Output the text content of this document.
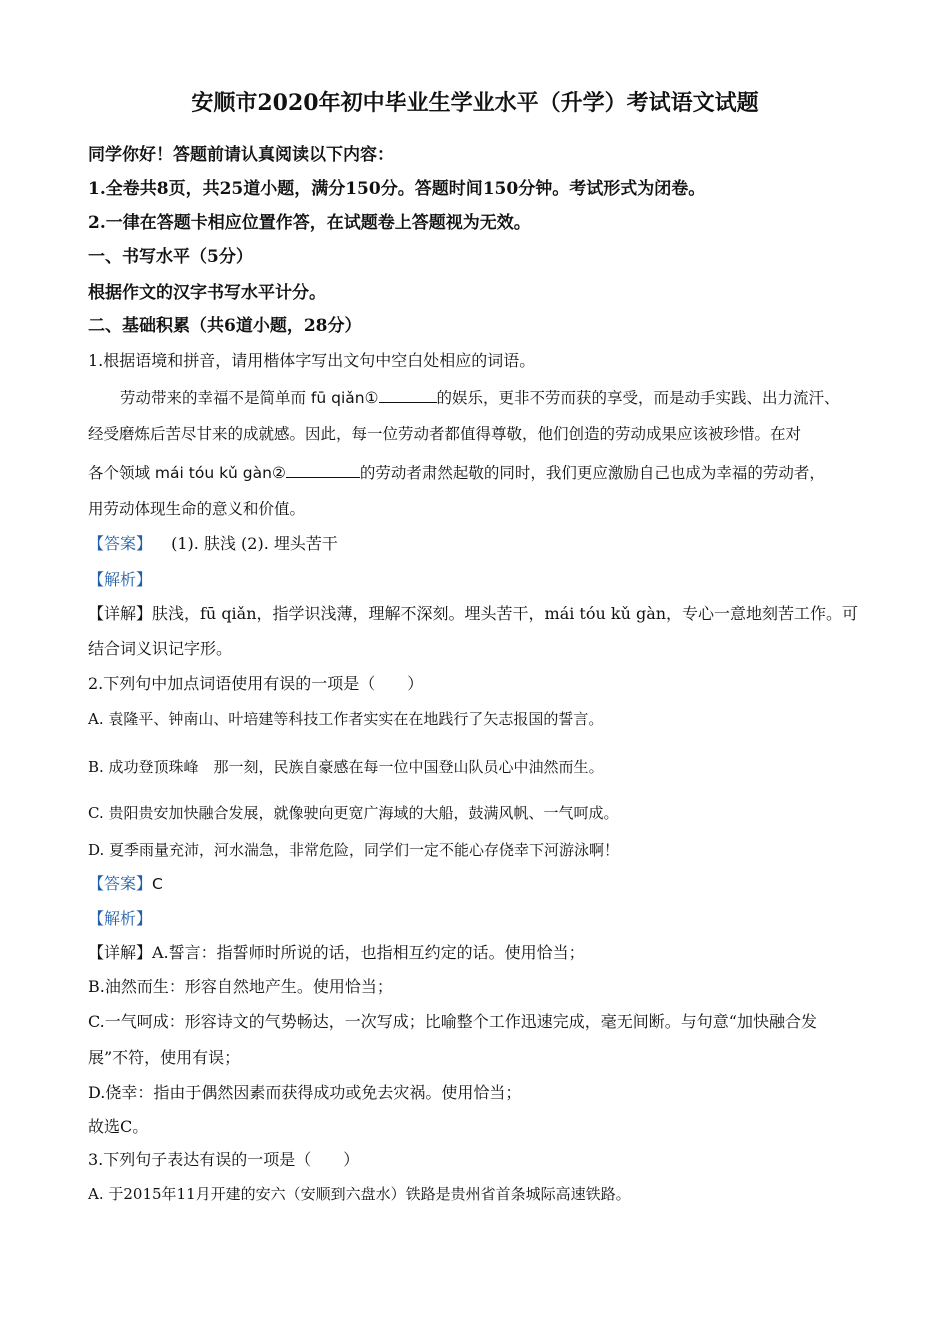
安顺市2020年初中毕业生学业水平（升学）考试语文试题
同学你好！答题前请认真阅读以下内容：
1.全卷共8页，共25道小题，满分150分。答题时间150分钟。考试形式为闭卷。
2.一律在答题卡相应位置作答，在试题卷上答题视为无效。
一、书写水平（5分）
根据作文的汉字书写水平计分。
二、基础积累（共6道小题，28分）
1.根据语境和拼音，请用楷体字写出文句中空白处相应的词语。
劳动带来的幸福不是简单而 fū qiǎn①	的娱乐，更非不劳而获的享受，而是动手实践、出力流汗、
经受磨炼后苦尽甘来的成就感。因此，每一位劳动者都值得尊敬，他们创造的劳动成果应该被珍惜。在对
各个领域 mái tóu kǔ gàn②	的劳动者肃然起敬的同时，我们更应激励自己也成为幸福的劳动者，
用劳动体现生命的意义和价值。
【答案】 (1). 肤浅 (2). 埋头苦干
【解析】
【详解】肤浅，fū qiǎn，指学识浅薄，理解不深刻。埋头苦干，mái tóu kǔ gàn，专心一意地刻苦工作。可
结合词义识记字形。
2.下列句中加点词语使用有误的一项是（　　）
A. 袁隆平、钟南山、叶培建等科技工作者实实在在地践行了矢志报国的誓言。
B. 成功登顶珠峰　那一刻，民族自豪感在每一位中国登山队员心中油然而生。
C. 贵阳贵安加快融合发展，就像驶向更宽广海域的大船，鼓满风帆、一气呵成。
D. 夏季雨量充沛，河水湍急，非常危险，同学们一定不能心存侥幸下河游泳啊！
【答案】C
【解析】
【详解】A.誓言：指誓师时所说的话，也指相互约定的话。使用恰当；
B.油然而生：形容自然地产生。使用恰当；
C.一气呵成：形容诗文的气势畅达，一次写成；比喻整个工作迅速完成，毫无间断。与句意“加快融合发
展”不符，使用有误；
D.侥幸：指由于偶然因素而获得成功或免去灾祸。使用恰当；
故选C。
3.下列句子表达有误的一项是（　　）
A. 于2015年11月开建的安六（安顺到六盘水）铁路是贵州省首条城际高速铁路。
